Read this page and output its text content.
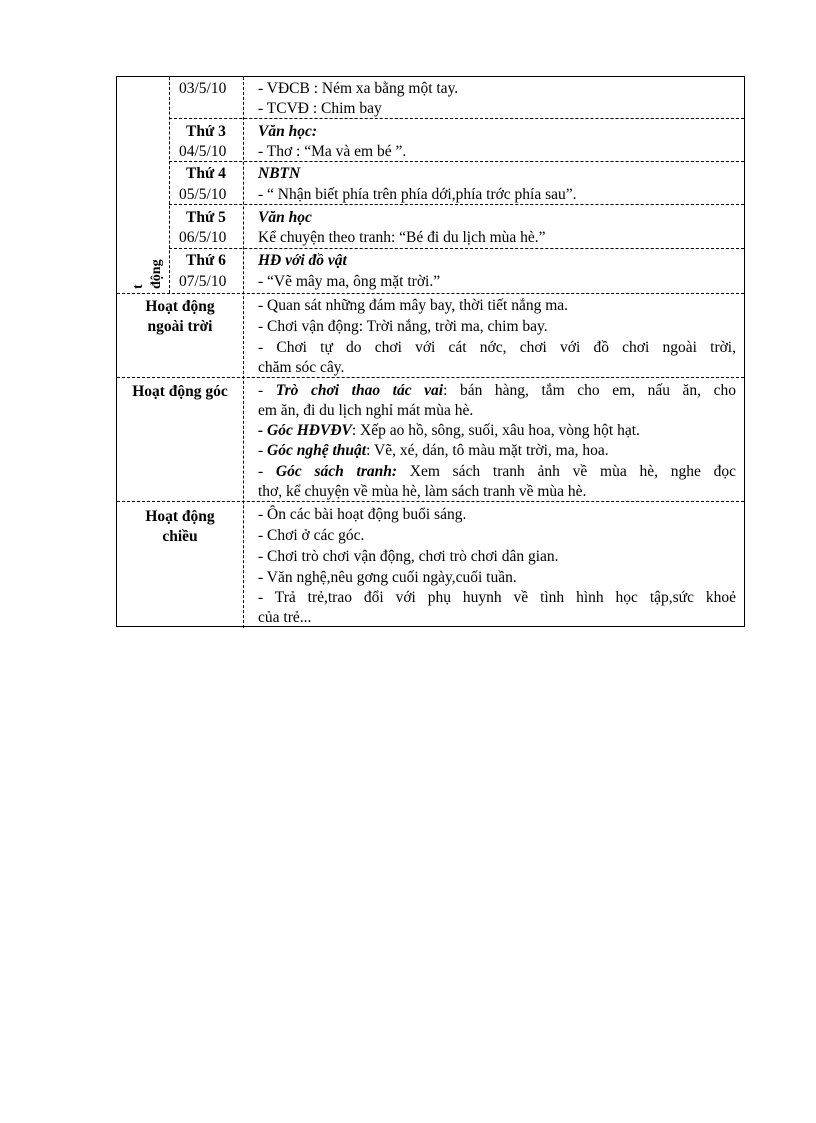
t động
03/5/10 - VĐCB : Ném xa bằng một tay.
- TCVĐ : Chim bay
Thứ 3
04/5/10
Văn học:
- Thơ : “Ma và em bé ”.
Thứ 4
05/5/10
NBTN
- “ Nhận biết phía trên phía dới,phía trớc phía sau”.
Thứ 5
06/5/10
Văn học
Kể chuyện theo tranh: “Bé đi du lịch mùa hè.”
Thứ 6
07/5/10
HĐ với đồ vật
- “Vẽ mây ma, ông mặt trời.”
Hoạt động
ngoài trời
- Quan sát những đám mây bay, thời tiết nắng ma.
- Chơi vận động: Trời nắng, trời ma, chim bay.
- Chơi tự do chơi với cát nớc, chơi với đồ chơi ngoài trời,
chăm sóc cây.
Hoạt động góc	- Trò chơi thao tác vai: bán hàng, tắm cho em, nấu ăn, cho
em ăn, đi du lịch nghỉ mát mùa hè.
- Góc HĐVĐV: Xếp ao hồ, sông, suối, xâu hoa, vòng hột hạt.
- Góc nghệ thuật: Vẽ, xé, dán, tô màu mặt trời, ma, hoa.
- Góc sách tranh: Xem sách tranh ảnh về mùa hè, nghe đọc
thơ, kể chuyện về mùa hè, làm sách tranh về mùa hè.
Hoạt động
chiều
- Ôn các bài hoạt động buổi sáng.
- Chơi ở các góc.
- Chơi trò chơi vận động, chơi trò chơi dân gian.
- Văn nghệ,nêu gơng cuối ngày,cuối tuần.
- Trả trẻ,trao đổi với phụ huynh về tình hình học tập,sức khoẻ
của trẻ...
